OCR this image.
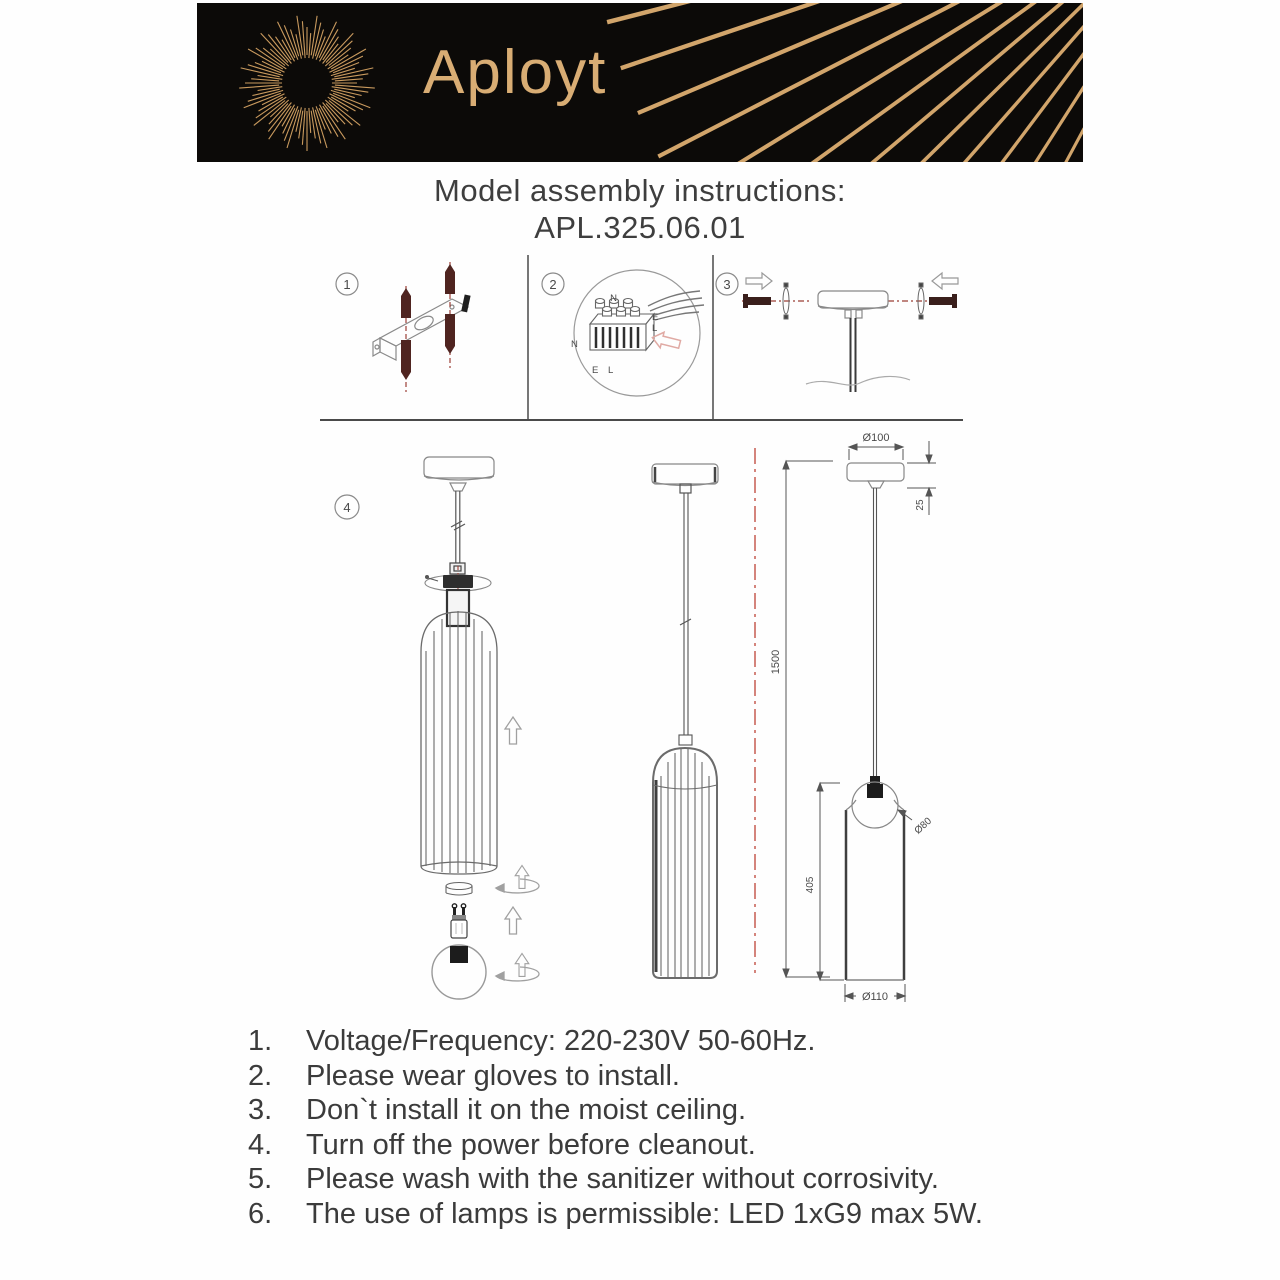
Aployt
Model assembly instructions:
APL.325.06.01
1	2
N
E
L
N
E L
3
4
Ø100
25
1500
405
Ø80
Ø110
1.	Voltage/Frequency: 220-230V 50-60Hz.
2.	Please wear gloves to install.
3.	Don`t install it on the moist ceiling.
4.	Turn off the power before cleanout.
5.	Please wash with the sanitizer without corrosivity.
6.	The use of lamps is permissible: LED 1xG9 max 5W.
